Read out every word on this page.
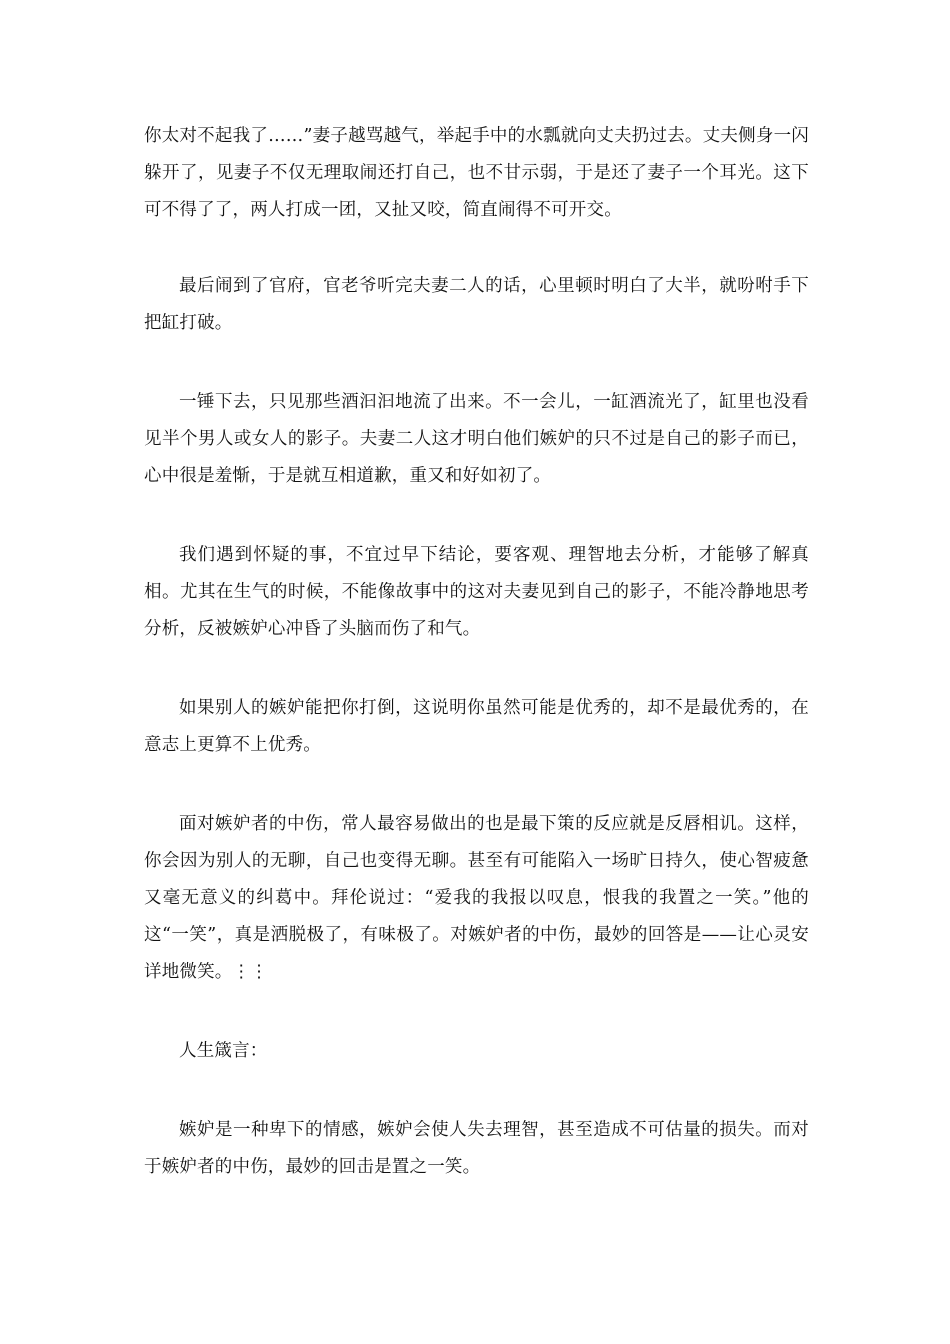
你太对不起我了……”妻子越骂越气，举起手中的水瓢就向丈夫扔过去。丈夫侧身一闪躲开了，见妻子不仅无理取闹还打自己，也不甘示弱，于是还了妻子一个耳光。这下可不得了了，两人打成一团，又扯又咬，简直闹得不可开交。

最后闹到了官府，官老爷听完夫妻二人的话，心里顿时明白了大半，就吩咐手下把缸打破。

一锤下去，只见那些酒汩汩地流了出来。不一会儿，一缸酒流光了，缸里也没看见半个男人或女人的影子。夫妻二人这才明白他们嫉妒的只不过是自己的影子而已，心中很是羞惭，于是就互相道歉，重又和好如初了。

我们遇到怀疑的事，不宜过早下结论，要客观、理智地去分析，才能够了解真相。尤其在生气的时候，不能像故事中的这对夫妻见到自己的影子，不能冷静地思考分析，反被嫉妒心冲昏了头脑而伤了和气。

如果别人的嫉妒能把你打倒，这说明你虽然可能是优秀的，却不是最优秀的，在意志上更算不上优秀。

面对嫉妒者的中伤，常人最容易做出的也是最下策的反应就是反唇相讥。这样，你会因为别人的无聊，自己也变得无聊。甚至有可能陷入一场旷日持久，使心智疲惫又毫无意义的纠葛中。拜伦说过：“爱我的我报以叹息，恨我的我置之一笑。”他的这“一笑”，真是洒脱极了，有味极了。对嫉妒者的中伤，最妙的回答是——让心灵安详地微笑。⋮⋮

人生箴言：

嫉妒是一种卑下的情感，嫉妒会使人失去理智，甚至造成不可估量的损失。而对于嫉妒者的中伤，最妙的回击是置之一笑。
